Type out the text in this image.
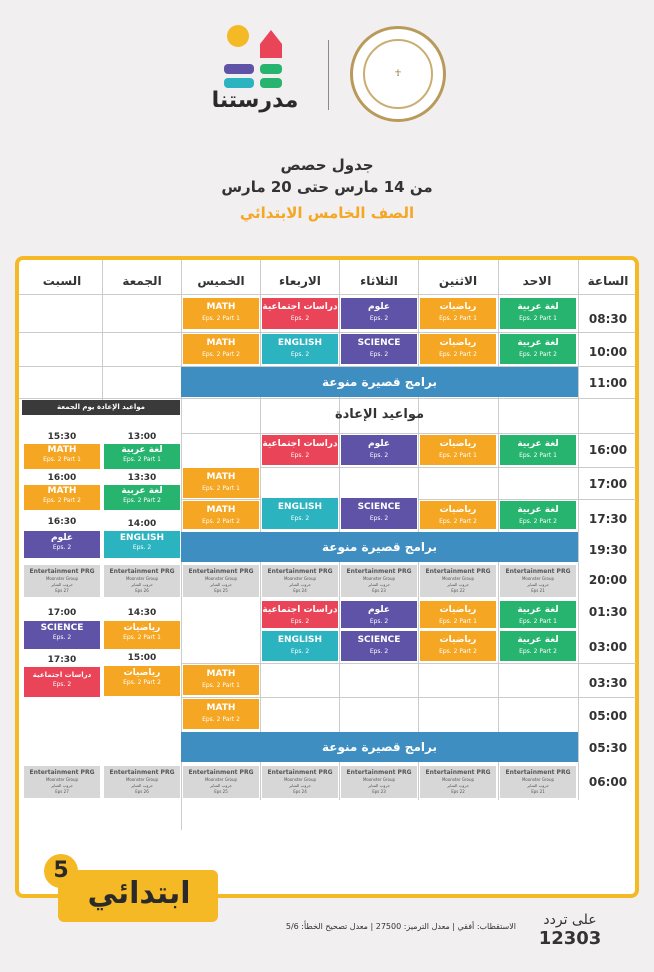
مدرستنا
☥
جدول حصص
من 14 مارس حتى 20 مارس
الصف الخامس الابتدائي
الساعة
الاحد
الاثنين
الثلاثاء
الاربعاء
الخميس
الجمعة
السبت
08:30
10:00
11:00
16:00
17:00
17:30
19:30
20:00
01:30
03:00
03:30
05:00
05:30
06:00
لغة عربية
Eps. 2 Part 1
رياضيات
Eps. 2 Part 1
علوم
Eps. 2
دراسات اجتماعية
Eps. 2
MATH
Eps. 2 Part 1
لغة عربية
Eps. 2 Part 2
رياضيات
Eps. 2 Part 2
SCIENCE
Eps. 2
ENGLISH
Eps. 2
MATH
Eps. 2 Part 2
برامج قصيرة منوعة
مواعيد الإعادة يوم الجمعة	مواعيد الإعادة
لغة عربية
Eps. 2 Part 1
رياضيات
Eps. 2 Part 1
علوم
Eps. 2
دراسات اجتماعية
Eps. 2
MATH
Eps. 2 Part 1
لغة عربية
Eps. 2 Part 2
رياضيات
Eps. 2 Part 2
SCIENCE
Eps. 2
ENGLISH
Eps. 2
MATH
Eps. 2 Part 2
برامج قصيرة منوعة
13:00
15:30
لغة عربية
Eps. 2 Part 1
MATH
Eps. 2 Part 1
13:30
16:00
لغة عربية
Eps. 2 Part 2
MATH
Eps. 2 Part 2
14:00
16:30
ENGLISH
Eps. 2
علوم
Eps. 2
Entertainment PRG
Moonster Group
جروب المناير
Eps 21
Entertainment PRG
Moonster Group
جروب المناير
Eps 22
Entertainment PRG
Moonster Group
جروب المناير
Eps 23
Entertainment PRG
Moonster Group
جروب المناير
Eps 24
Entertainment PRG
Moonster Group
جروب المناير
Eps 25
Entertainment PRG
Moonster Group
جروب المناير
Eps 26
Entertainment PRG
Moonster Group
جروب المناير
Eps 27
لغة عربية
Eps. 2 Part 1
رياضيات
Eps. 2 Part 1
علوم
Eps. 2
دراسات اجتماعية
Eps. 2
لغة عربية
Eps. 2 Part 2
رياضيات
Eps. 2 Part 2
SCIENCE
Eps. 2
ENGLISH
Eps. 2
MATH
Eps. 2 Part 1
MATH
Eps. 2 Part 2
برامج قصيرة منوعة
14:30
17:00
رياضيات
Eps. 2 Part 1
SCIENCE
Eps. 2
15:00
17:30
رياضيات
Eps. 2 Part 2
دراسات اجتماعية
Eps. 2
Entertainment PRG
Moonster Group
جروب المناير
Eps 21
Entertainment PRG
Moonster Group
جروب المناير
Eps 22
Entertainment PRG
Moonster Group
جروب المناير
Eps 23
Entertainment PRG
Moonster Group
جروب المناير
Eps 24
Entertainment PRG
Moonster Group
جروب المناير
Eps 25
Entertainment PRG
Moonster Group
جروب المناير
Eps 26
Entertainment PRG
Moonster Group
جروب المناير
Eps 27
5
ابتدائي
الاستقطاب: أفقي | معدل الترميز: 27500 | معدل تصحيح الخطأ: 5/6	على تردد
12303
